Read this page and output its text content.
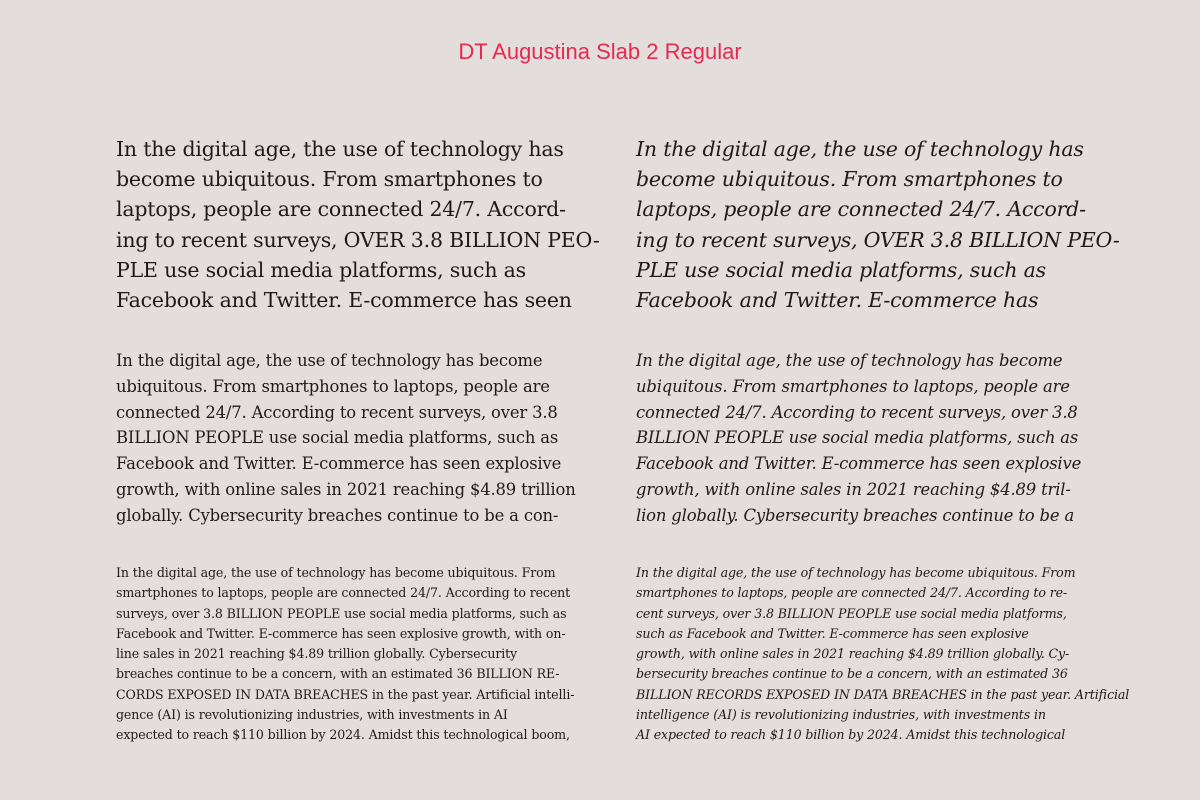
DT Augustina Slab 2 Regular
In the digital age, the use of technology has
become ubiquitous. From smartphones to
laptops, people are connected 24/7. Accord-
ing to recent surveys, OVER 3.8 BILLION PEO-
PLE use social media platforms, such as
Facebook and Twitter. E-commerce has seen
In the digital age, the use of technology has
become ubiquitous. From smartphones to
laptops, people are connected 24/7. Accord-
ing to recent surveys, OVER 3.8 BILLION PEO-
PLE use social media platforms, such as
Facebook and Twitter. E-commerce has
In the digital age, the use of technology has become
ubiquitous. From smartphones to laptops, people are
connected 24/7. According to recent surveys, over 3.8
BILLION PEOPLE use social media platforms, such as
Facebook and Twitter. E-commerce has seen explosive
growth, with online sales in 2021 reaching $4.89 trillion
globally. Cybersecurity breaches continue to be a con-
In the digital age, the use of technology has become
ubiquitous. From smartphones to laptops, people are
connected 24/7. According to recent surveys, over 3.8
BILLION PEOPLE use social media platforms, such as
Facebook and Twitter. E-commerce has seen explosive
growth, with online sales in 2021 reaching $4.89 tril-
lion globally. Cybersecurity breaches continue to be a
In the digital age, the use of technology has become ubiquitous. From
smartphones to laptops, people are connected 24/7. According to recent
surveys, over 3.8 BILLION PEOPLE use social media platforms, such as
Facebook and Twitter. E-commerce has seen explosive growth, with on-
line sales in 2021 reaching $4.89 trillion globally. Cybersecurity
breaches continue to be a concern, with an estimated 36 BILLION RE-
CORDS EXPOSED IN DATA BREACHES in the past year. Artificial intelli-
gence (AI) is revolutionizing industries, with investments in AI
expected to reach $110 billion by 2024. Amidst this technological boom,
In the digital age, the use of technology has become ubiquitous. From
smartphones to laptops, people are connected 24/7. According to re-
cent surveys, over 3.8 BILLION PEOPLE use social media platforms,
such as Facebook and Twitter. E-commerce has seen explosive
growth, with online sales in 2021 reaching $4.89 trillion globally. Cy-
bersecurity breaches continue to be a concern, with an estimated 36
BILLION RECORDS EXPOSED IN DATA BREACHES in the past year. Artificial
intelligence (AI) is revolutionizing industries, with investments in
AI expected to reach $110 billion by 2024. Amidst this technological
